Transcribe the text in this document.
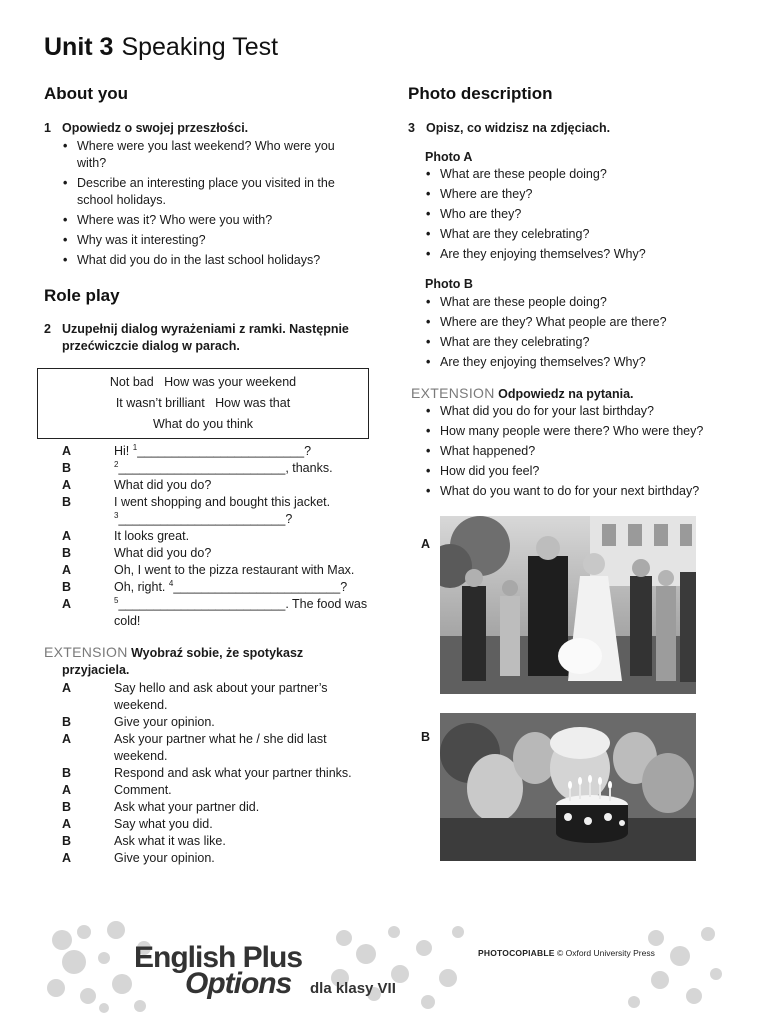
Unit 3 Speaking Test
About you
1 Opowiedz o swojej przeszłości.
• Where were you last weekend? Who were you with?
• Describe an interesting place you visited in the school holidays.
• Where was it? Who were you with?
• Why was it interesting?
• What did you do in the last school holidays?
Role play
2 Uzupełnij dialog wyrażeniami z ramki. Następnie przećwiczcie dialog w parach.
Not bad   How was your weekend
It wasn’t brilliant   How was that
What do you think
A	Hi! $^1$________________________?
B	$^2$________________________, thanks.
A	What did you do?
B	I went shopping and bought this jacket.
$^3$________________________?
A	It looks great.
B	What did you do?
A	Oh, I went to the pizza restaurant with Max.
B	Oh, right. $^4$________________________?
A	$^5$________________________. The food was
cold!
EXTENSION Wyobraź sobie, że spotykasz przyjaciela.
A	Say hello and ask about your partner’s
weekend.
B	Give your opinion.
A	Ask your partner what he / she did last
weekend.
B	Respond and ask what your partner thinks.
A	Comment.
B	Ask what your partner did.
A	Say what you did.
B	Ask what it was like.
A	Give your opinion.
Photo description
3 Opisz, co widzisz na zdjęciach.
Photo A
• What are these people doing?
• Where are they?
• Who are they?
• What are they celebrating?
• Are they enjoying themselves? Why?
Photo B
• What are these people doing?
• Where are they? What people are there?
• What are they celebrating?
• Are they enjoying themselves? Why?
EXTENSION Odpowiedz na pytania.
• What did you do for your last birthday?
• How many people were there? Who were they?
• What happened?
• How did you feel?
• What do you want to do for your next birthday?
A
B
English Plus
Options dla klasy VII
PHOTOCOPIABLE © Oxford University Press
